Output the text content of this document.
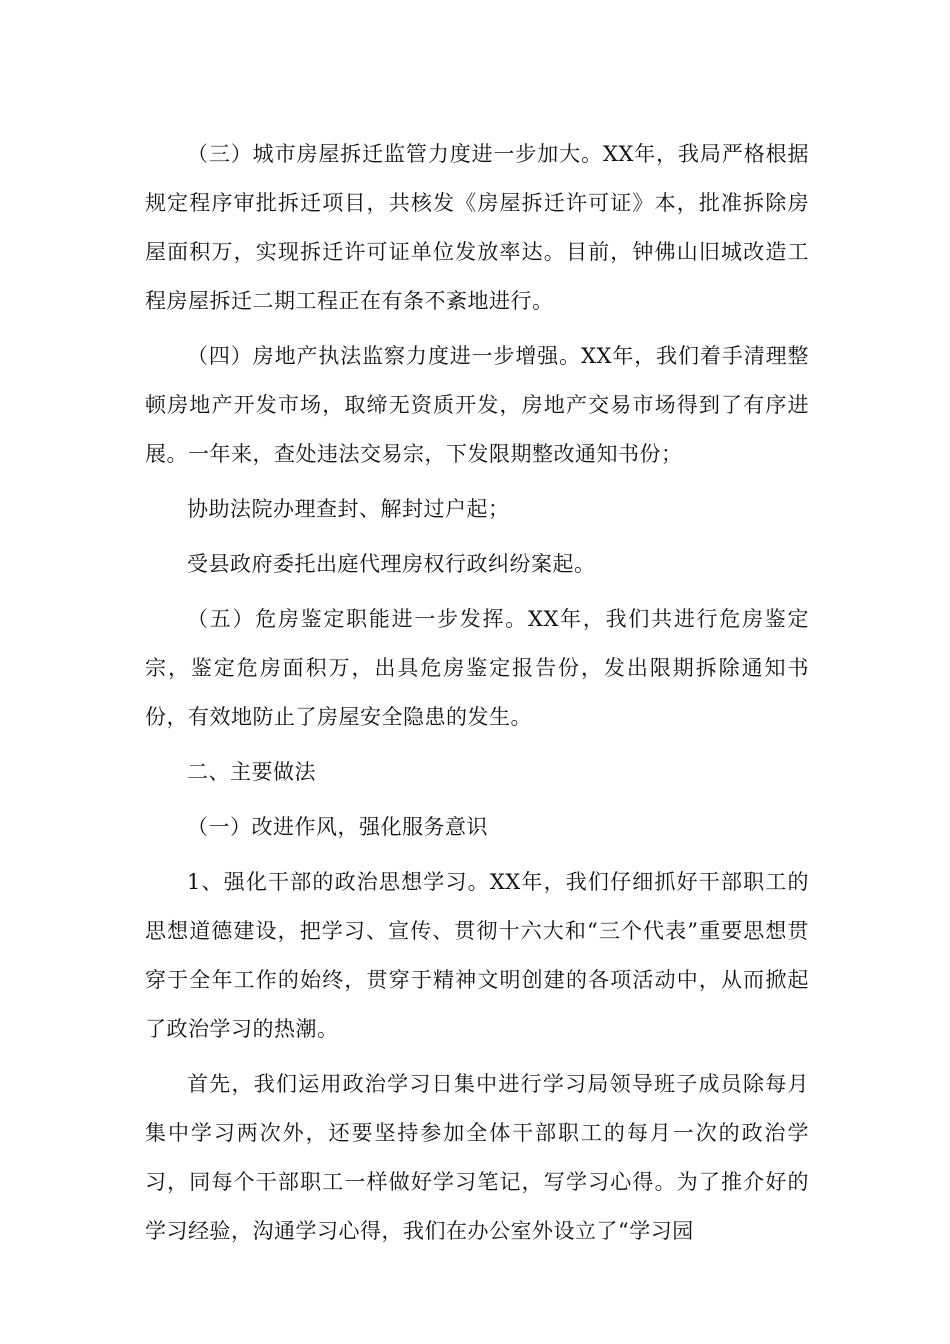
（三）城市房屋拆迁监管力度进一步加大。XX年，我局严格根据规定程序审批拆迁项目，共核发《房屋拆迁许可证》本，批准拆除房屋面积万，实现拆迁许可证单位发放率达。目前，钟佛山旧城改造工程房屋拆迁二期工程正在有条不紊地进行。

（四）房地产执法监察力度进一步增强。XX年，我们着手清理整顿房地产开发市场，取缔无资质开发，房地产交易市场得到了有序进展。一年来，查处违法交易宗，下发限期整改通知书份；

协助法院办理查封、解封过户起；

受县政府委托出庭代理房权行政纠纷案起。

（五）危房鉴定职能进一步发挥。XX年，我们共进行危房鉴定宗，鉴定危房面积万，出具危房鉴定报告份，发出限期拆除通知书份，有效地防止了房屋安全隐患的发生。

二、主要做法

（一）改进作风，强化服务意识

1、强化干部的政治思想学习。XX年，我们仔细抓好干部职工的思想道德建设，把学习、宣传、贯彻十六大和“三个代表”重要思想贯穿于全年工作的始终，贯穿于精神文明创建的各项活动中，从而掀起了政治学习的热潮。

首先，我们运用政治学习日集中进行学习局领导班子成员除每月集中学习两次外，还要坚持参加全体干部职工的每月一次的政治学习，同每个干部职工一样做好学习笔记，写学习心得。为了推介好的学习经验，沟通学习心得，我们在办公室外设立了“学习园
